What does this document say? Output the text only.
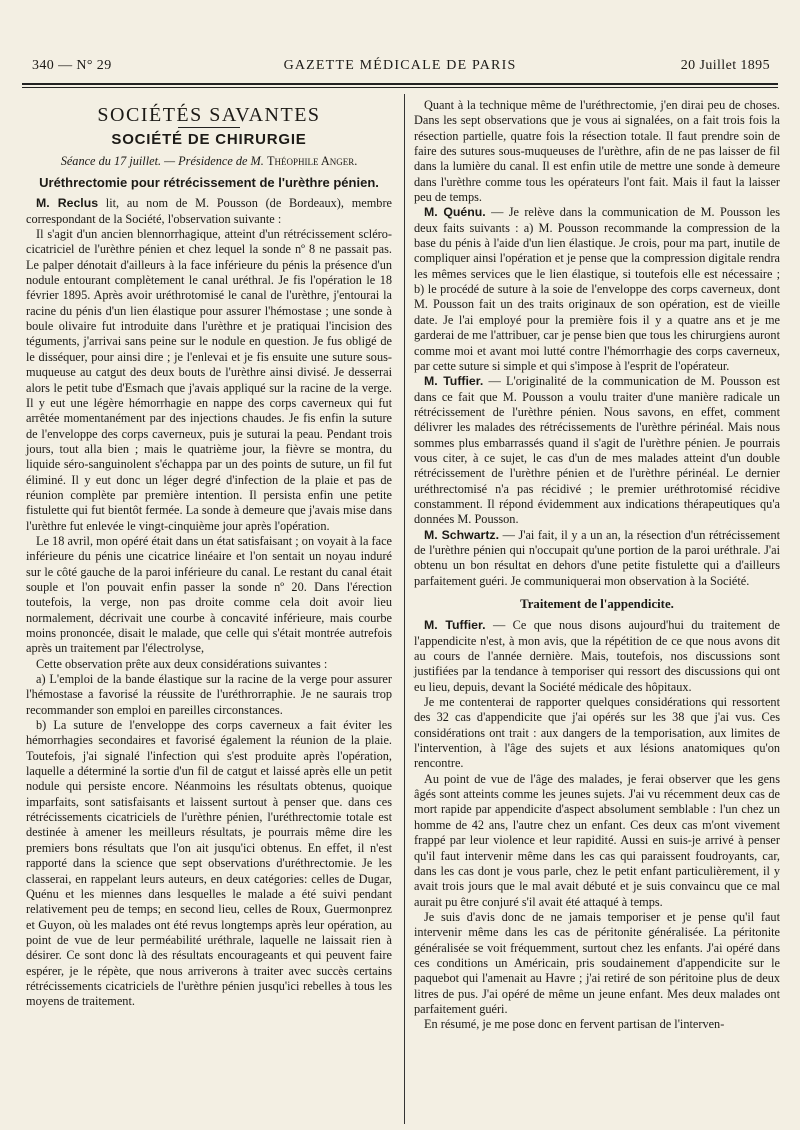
340 — N° 29	GAZETTE MÉDICALE DE PARIS	20 Juillet 1895
SOCIÉTÉS SAVANTES
SOCIÉTÉ DE CHIRURGIE
Séance du 17 juillet. — Présidence de M. Théophile Anger.
Uréthrectomie pour rétrécissement de l'urèthre pénien.

M. Reclus lit, au nom de M. Pousson (de Bordeaux), membre correspondant de la Société, l'observation suivante :

Il s'agit d'un ancien blennorrhagique, atteint d'un rétrécissement scléro-cicatriciel de l'urèthre pénien et chez lequel la sonde nº 8 ne passait pas. Le palper dénotait d'ailleurs à la face inférieure du pénis la présence d'un nodule entourant complètement le canal uréthral. Je fis l'opération le 18 février 1895. Après avoir uréthrotomisé le canal de l'urèthre, j'entourai la racine du pénis d'un lien élastique pour assurer l'hémostase ; une sonde à boule olivaire fut introduite dans l'urèthre et je pratiquai l'incision des téguments, j'arrivai sans peine sur le nodule en question. Je fus obligé de le disséquer, pour ainsi dire ; je l'enlevai et je fis ensuite une suture sous-muqueuse au catgut des deux bouts de l'urèthre ainsi divisé. Je desserrai alors le petit tube d'Esmach que j'avais appliqué sur la racine de la verge. Il y eut une légère hémorrhagie en nappe des corps caverneux qui fut arrêtée momentanément par des injections chaudes. Je fis enfin la suture de l'enveloppe des corps caverneux, puis je suturai la peau. Pendant trois jours, tout alla bien ; mais le quatrième jour, la fièvre se montra, du liquide séro-sanguinolent s'échappa par un des points de suture, un fil fut éliminé. Il y eut donc un léger degré d'infection de la plaie et pas de réunion complète par première intention. Il persista enfin une petite fistulette qui fut bientôt fermée. La sonde à demeure que j'avais mise dans l'urèthre fut enlevée le vingt-cinquième jour après l'opération.

Le 18 avril, mon opéré était dans un état satisfaisant ; on voyait à la face inférieure du pénis une cicatrice linéaire et l'on sentait un noyau induré sur le côté gauche de la paroi inférieure du canal. Le restant du canal était souple et l'on pouvait enfin passer la sonde nº 20. Dans l'érection toutefois, la verge, non pas droite comme cela doit avoir lieu normalement, décrivait une courbe à concavité inférieure, mais courbe moins prononcée, disait le malade, que celle qui s'était montrée autrefois après un traitement par l'électrolyse,

Cette observation prête aux deux considérations suivantes :

a) L'emploi de la bande élastique sur la racine de la verge pour assurer l'hémostase a favorisé la réussite de l'uréthrorraphie. Je ne saurais trop recommander son emploi en pareilles circonstances.

b) La suture de l'enveloppe des corps caverneux a fait éviter les hémorrhagies secondaires et favorisé également la réunion de la plaie. Toutefois, j'ai signalé l'infection qui s'est produite après l'opération, laquelle a déterminé la sortie d'un fil de catgut et laissé après elle un petit nodule qui persiste encore. Néanmoins les résultats obtenus, quoique imparfaits, sont satisfaisants et laissent surtout à penser que. dans ces rétrécissements cicatriciels de l'urèthre pénien, l'uréthrectomie totale est destinée à amener les meilleurs résultats, je pourrais même dire les premiers bons résultats que l'on ait jusqu'ici obtenus. En effet, il n'est rapporté dans la science que sept observations d'uréthrectomie. Je les classerai, en rappelant leurs auteurs, en deux catégories: celles de Dugar, Quénu et les miennes dans lesquelles le malade a été suivi pendant relativement peu de temps; en second lieu, celles de Roux, Guermonprez et Guyon, où les malades ont été revus longtemps après leur opération, au point de vue de leur perméabilité uréthrale, laquelle ne laissait rien à désirer. Ce sont donc là des résultats encourageants et qui peuvent faire espérer, je le répète, que nous arriverons à traiter avec succès certains rétrécissements cicatriciels de l'urèthre pénien jusqu'ici rebelles à tous les moyens de traitement.

Quant à la technique même de l'uréthrectomie, j'en dirai peu de choses. Dans les sept observations que je vous ai signalées, on a fait trois fois la résection partielle, quatre fois la résection totale. Il faut prendre soin de faire des sutures sous-muqueuses de l'urèthre, afin de ne pas laisser de fil dans la lumière du canal. Il est enfin utile de mettre une sonde à demeure dans l'urèthre comme tous les opérateurs l'ont fait. Mais il faut la laisser peu de temps.

M. Quénu. — Je relève dans la communication de M. Pousson les deux faits suivants : a) M. Pousson recommande la compression de la base du pénis à l'aide d'un lien élastique. Je crois, pour ma part, inutile de compliquer ainsi l'opération et je pense que la compression digitale rendra les mêmes services que le lien élastique, si toutefois elle est nécessaire ; b) le procédé de suture à la soie de l'enveloppe des corps caverneux, dont M. Pousson fait un des traits originaux de son opération, est de vieille date. Je l'ai employé pour la première fois il y a quatre ans et je me garderai de me l'attribuer, car je pense bien que tous les chirurgiens auront comme moi et avant moi lutté contre l'hémorrhagie des corps caverneux, par cette suture si simple et qui s'impose à l'esprit de l'opérateur.

M. Tuffier. — L'originalité de la communication de M. Pousson est dans ce fait que M. Pousson a voulu traiter d'une manière radicale un rétrécissement de l'urèthre pénien. Nous savons, en effet, comment délivrer les malades des rétrécissements de l'urèthre périnéal. Mais nous sommes plus embarrassés quand il s'agit de l'urèthre pénien. Je pourrais vous citer, à ce sujet, le cas d'un de mes malades atteint d'un double rétrécissement de l'urèthre pénien et de l'urèthre périnéal. Le dernier uréthrectomisé n'a pas récidivé ; le premier uréthrotomisé récidive constamment. Il répond évidemment aux indications thérapeutiques qu'a données M. Pousson.

M. Schwartz. — J'ai fait, il y a un an, la résection d'un rétrécissement de l'urèthre pénien qui n'occupait qu'une portion de la paroi uréthrale. J'ai obtenu un bon résultat en dehors d'une petite fistulette qui a d'ailleurs parfaitement guéri. Je communiquerai mon observation à la Société.

Traitement de l'appendicite.

M. Tuffier. — Ce que nous disons aujourd'hui du traitement de l'appendicite n'est, à mon avis, que la répétition de ce que nous avons dit au cours de l'année dernière. Mais, toutefois, nos discussions sont justifiées par la tendance à temporiser qui ressort des discussions qui ont eu lieu, depuis, devant la Société médicale des hôpitaux.

Je me contenterai de rapporter quelques considérations qui ressortent des 32 cas d'appendicite que j'ai opérés sur les 38 que j'ai vus. Ces considérations ont trait : aux dangers de la temporisation, aux limites de l'intervention, à l'âge des sujets et aux lésions anatomiques qu'on rencontre.

Au point de vue de l'âge des malades, je ferai observer que les gens âgés sont atteints comme les jeunes sujets. J'ai vu récemment deux cas de mort rapide par appendicite d'aspect absolument semblable : l'un chez un homme de 42 ans, l'autre chez un enfant. Ces deux cas m'ont vivement frappé par leur violence et leur rapidité. Aussi en suis-je arrivé à penser qu'il faut intervenir même dans les cas qui paraissent foudroyants, car, dans les cas dont je vous parle, chez le petit enfant particulièrement, il y avait trois jours que le mal avait débuté et je suis convaincu que ce mal aurait pu être conjuré s'il avait été attaqué à temps.

Je suis d'avis donc de ne jamais temporiser et je pense qu'il faut intervenir même dans les cas de péritonite généralisée. La péritonite généralisée se voit fréquemment, surtout chez les enfants. J'ai opéré dans ces conditions un Américain, pris soudainement d'appendicite sur le paquebot qui l'amenait au Havre ; j'ai retiré de son péritoine plus de deux litres de pus. J'ai opéré de même un jeune enfant. Mes deux malades ont parfaitement guéri.

En résumé, je me pose donc en fervent partisan de l'interven-
